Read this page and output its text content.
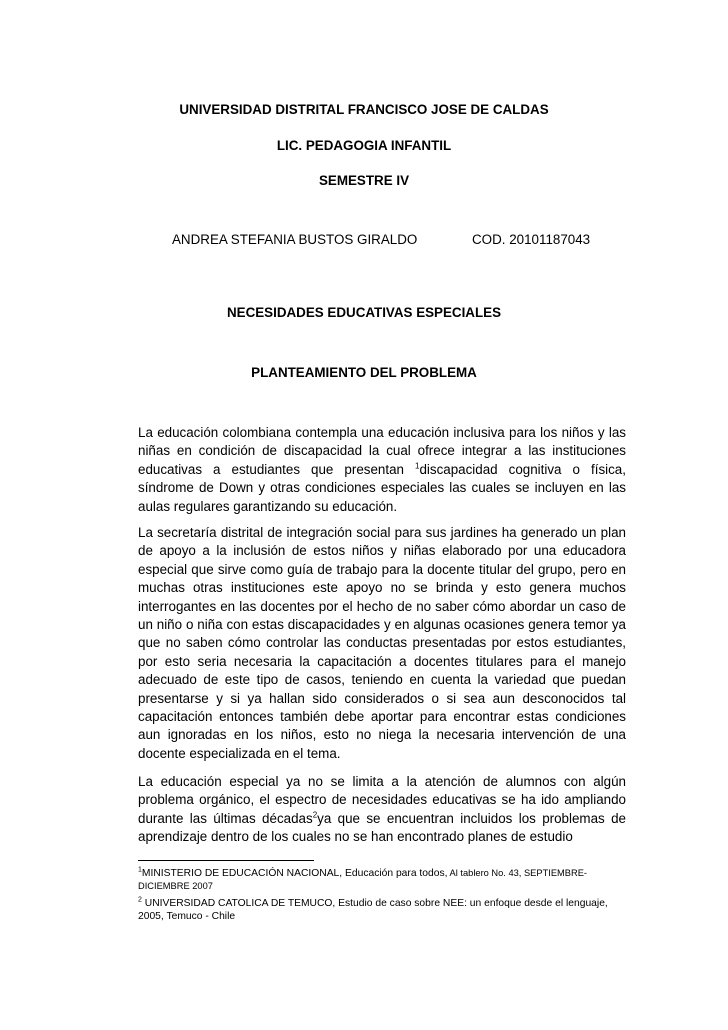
UNIVERSIDAD DISTRITAL FRANCISCO JOSE DE CALDAS
LIC. PEDAGOGIA INFANTIL
SEMESTRE IV
ANDREA STEFANIA BUSTOS GIRALDO	COD. 20101187043
NECESIDADES EDUCATIVAS ESPECIALES
PLANTEAMIENTO DEL PROBLEMA

La educación colombiana contempla una educación inclusiva para los niños y las niñas en condición de discapacidad la cual ofrece integrar a las instituciones educativas a estudiantes que presentan $^1$discapacidad cognitiva o física, síndrome de Down y otras condiciones especiales las cuales se incluyen en las aulas regulares garantizando su educación.

La secretaría distrital de integración social para sus jardines ha generado un plan de apoyo a la inclusión de estos niños y niñas elaborado por una educadora especial que sirve como guía de trabajo para la docente titular del grupo, pero en muchas otras instituciones este apoyo no se brinda y esto genera muchos interrogantes en las docentes por el hecho de no saber cómo abordar un caso de un niño o niña con estas discapacidades y en algunas ocasiones genera temor ya que no saben cómo controlar las conductas presentadas por estos estudiantes, por esto seria necesaria la capacitación a docentes titulares para el manejo adecuado de este tipo de casos, teniendo en cuenta la variedad que puedan presentarse y si ya hallan sido considerados o si sea aun desconocidos tal capacitación entonces también debe aportar para encontrar estas condiciones aun ignoradas en los niños, esto no niega la necesaria intervención de una docente especializada en el tema.

La educación especial ya no se limita a la atención de alumnos con algún problema orgánico, el espectro de necesidades educativas se ha ido ampliando durante las últimas décadas$^2$ya que se encuentran incluidos los problemas de aprendizaje dentro de los cuales no se han encontrado planes de estudio

$^1$MINISTERIO DE EDUCACIÓN NACIONAL, Educación para todos, Al tablero No. 43, SEPTIEMBRE-DICIEMBRE 2007

$^2$ UNIVERSIDAD CATOLICA DE TEMUCO, Estudio de caso sobre NEE: un enfoque desde el lenguaje, 2005, Temuco - Chile
